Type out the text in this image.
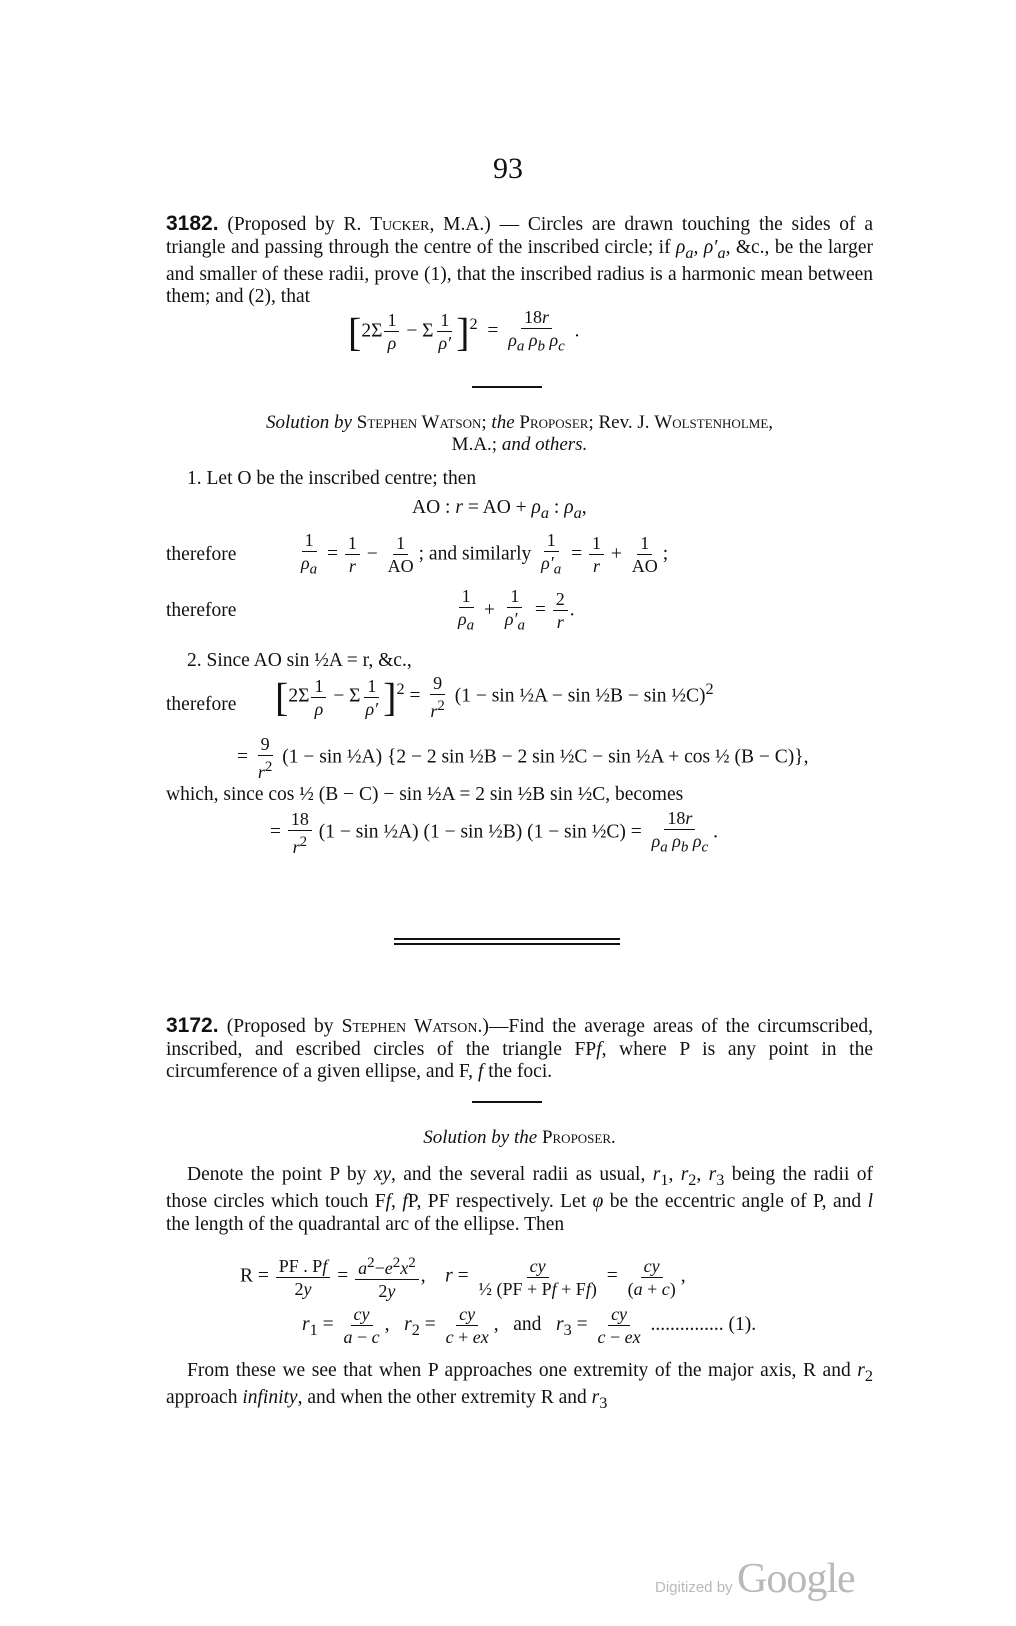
93
3182. (Proposed by R. Tucker, M.A.) — Circles are drawn touching the sides of a triangle and passing through the centre of the inscribed circle; if $\rho_a$, $\rho'_a$, &c., be the larger and smaller of these radii, prove (1), that the inscribed radius is a harmonic mean between them; and (2), that
$[2\Sigma \frac{1}{\rho} - \Sigma \frac{1}{\rho'} ]^2 = \frac{18r}{\rho_a \rho_b \rho_c}$ .
Solution by Stephen Watson; the Proposer; Rev. J. Wolstenholme,
M.A.; and others.
1. Let O be the inscribed centre; then
AO : r = AO + $\rho_a$ : $\rho_a$,
therefore	$\frac{1}{\rho_a} = \frac{1}{r} - \frac{1}{AO}$ ; and similarly $\frac{1}{\rho'_a} = \frac{1}{r} + \frac{1}{AO}$ ;
therefore	$\frac{1}{\rho_a} + \frac{1}{\rho'_a} = \frac{2}{r}$ .
2. Since AO sin ½A = r, &c.,
therefore $[2\Sigma \frac{1}{\rho} - \Sigma \frac{1}{\rho'} ]^2 = \frac{9}{r^2} (1 - \sin$ ½A − sin ½B − sin ½C)$^2$
= $\frac{9}{r^2} (1 - \sin$ ½A) {2 − 2 sin ½B − 2 sin ½C − sin ½A + cos ½ (B − C)},
which, since cos ½ (B − C) − sin ½A = 2 sin ½B sin ½C, becomes
= $\frac{18}{r^2} (1 - \sin$ ½A) (1 − sin ½B) (1 − sin ½C) = $\frac{18r}{\rho_a \rho_b \rho_c}$ .
3172. (Proposed by Stephen Watson.)—Find the average areas of the circumscribed, inscribed, and escribed circles of the triangle FPf, where P is any point in the circumference of a given ellipse, and F, f the foci.
Solution by the Proposer.
Denote the point P by xy, and the several radii as usual, $r_1$, $r_2$, $r_3$ being the radii of those circles which touch Ff, fP, PF respectively. Let φ be the eccentric angle of P, and l the length of the quadrantal arc of the ellipse. Then
$R = \frac{PF . Pf}{2y} = \frac{a^2-e^2x^2}{2y}$ ,    $r = \frac{cy}{\text{½ (PF + Pf + Ff)}} = \frac{cy}{(a + c)}$ ,
$r_1 = \frac{cy}{a - c}$ ,   $r_2 = \frac{cy}{c + ex}$ ,   and   $r_3 = \frac{cy}{c - ex}$ ............... (1).
From these we see that when P approaches one extremity of the major axis, R and $r_2$ approach infinity, and when the other extremity R and $r_3$
Digitized by Google
